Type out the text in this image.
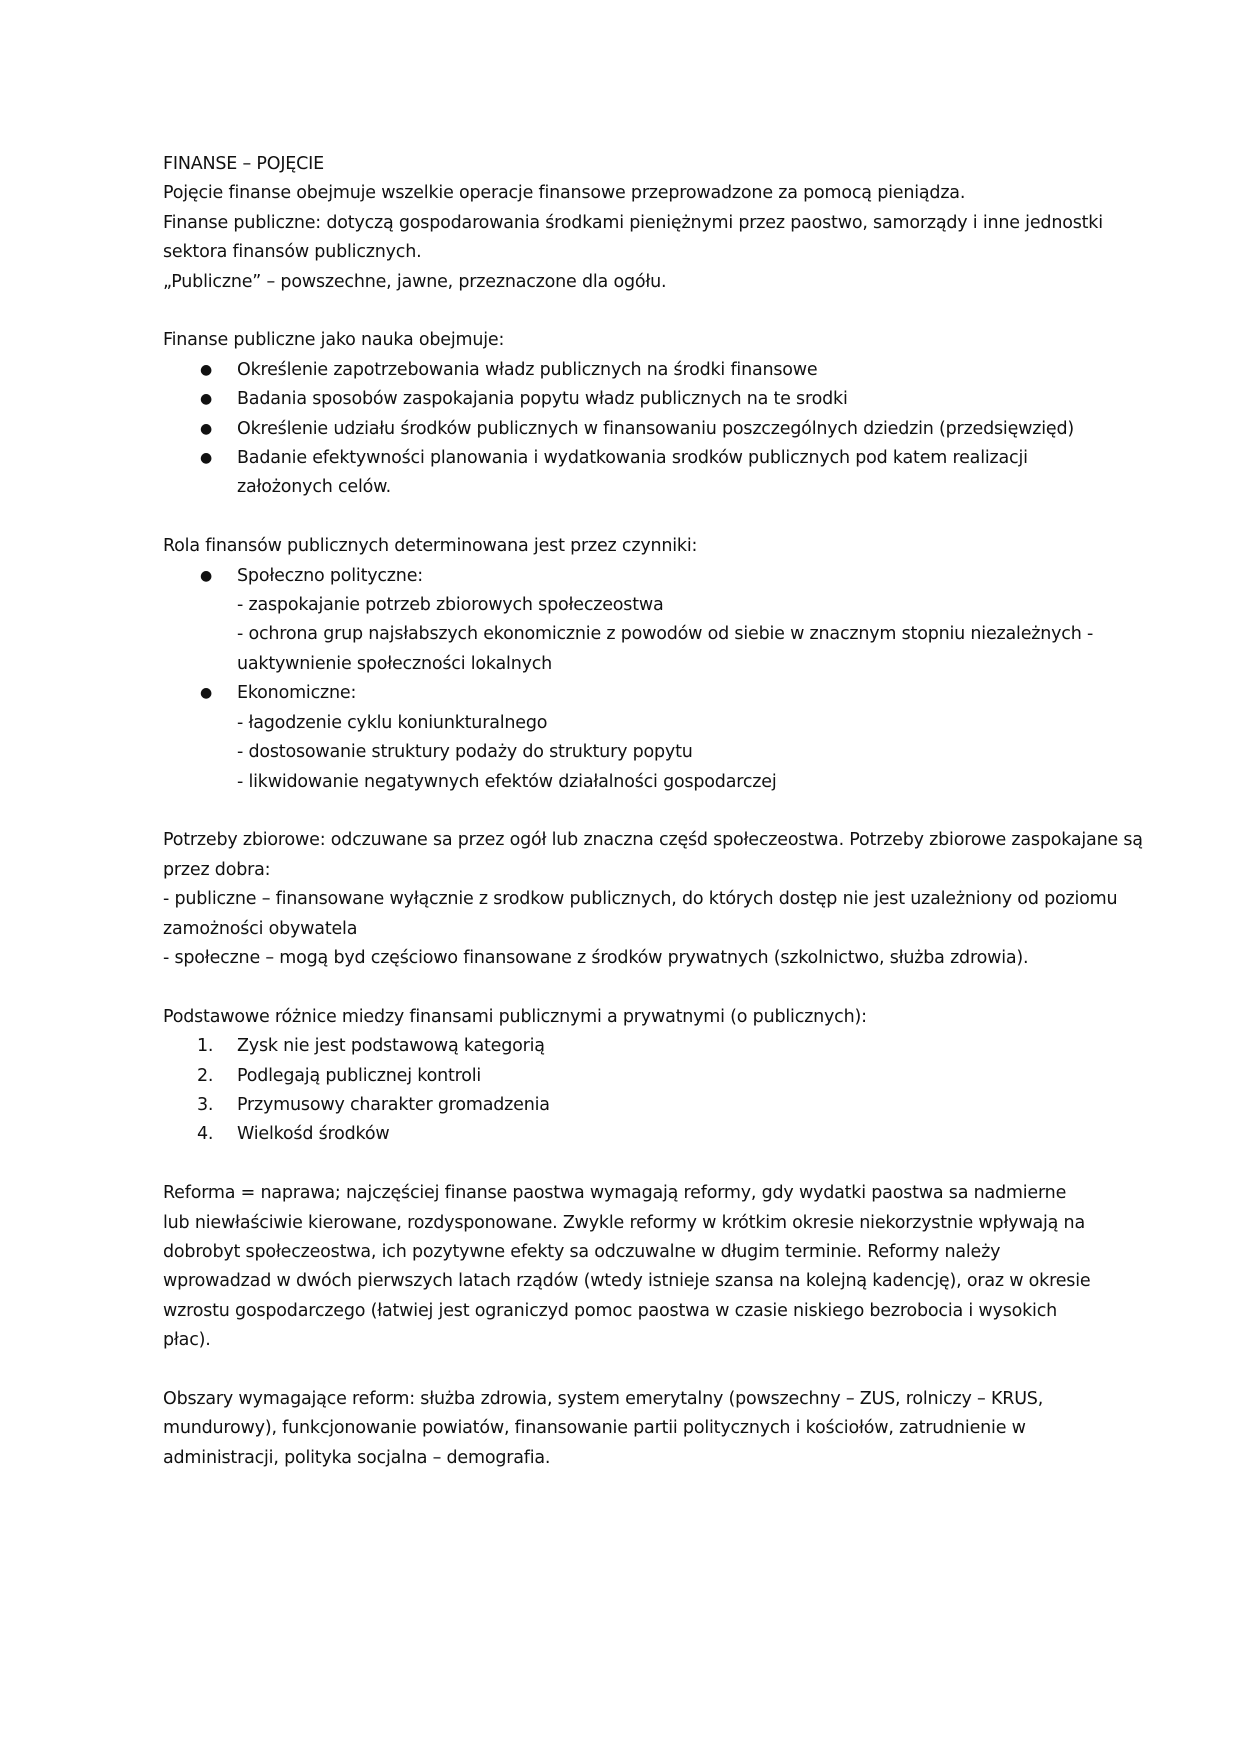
FINANSE – POJĘCIE
Pojęcie finanse obejmuje wszelkie operacje finansowe przeprowadzone za pomocą pieniądza.
Finanse publiczne: dotyczą gospodarowania środkami pieniężnymi przez paostwo, samorządy i inne jednostki
sektora finansów publicznych.
„Publiczne” – powszechne, jawne, przeznaczone dla ogółu.
Finanse publiczne jako nauka obejmuje:
● Określenie zapotrzebowania władz publicznych na środki finansowe
● Badania sposobów zaspokajania popytu władz publicznych na te srodki
● Określenie udziału środków publicznych w finansowaniu poszczególnych dziedzin (przedsięwzięd)
● Badanie efektywności planowania i wydatkowania srodków publicznych pod katem realizacji
założonych celów.
Rola finansów publicznych determinowana jest przez czynniki:
● Społeczno polityczne:
- zaspokajanie potrzeb zbiorowych społeczeostwa
- ochrona grup najsłabszych ekonomicznie z powodów od siebie w znacznym stopniu niezależnych -
uaktywnienie społeczności lokalnych
● Ekonomiczne:
- łagodzenie cyklu koniunkturalnego
- dostosowanie struktury podaży do struktury popytu
- likwidowanie negatywnych efektów działalności gospodarczej
Potrzeby zbiorowe: odczuwane sa przez ogół lub znaczna częśd społeczeostwa. Potrzeby zbiorowe zaspokajane są
przez dobra:
- publiczne – finansowane wyłącznie z srodkow publicznych, do których dostęp nie jest uzależniony od poziomu
zamożności obywatela
- społeczne – mogą byd częściowo finansowane z środków prywatnych (szkolnictwo, służba zdrowia).
Podstawowe różnice miedzy finansami publicznymi a prywatnymi (o publicznych):
1.	Zysk nie jest podstawową kategorią
2.	Podlegają publicznej kontroli
3.	Przymusowy charakter gromadzenia
4.	Wielkośd środków
Reforma = naprawa; najczęściej finanse paostwa wymagają reformy, gdy wydatki paostwa sa nadmierne
lub niewłaściwie kierowane, rozdysponowane. Zwykle reformy w krótkim okresie niekorzystnie wpływają na
dobrobyt społeczeostwa, ich pozytywne efekty sa odczuwalne w długim terminie. Reformy należy
wprowadzad w dwóch pierwszych latach rządów (wtedy istnieje szansa na kolejną kadencję), oraz w okresie
wzrostu gospodarczego (łatwiej jest ograniczyd pomoc paostwa w czasie niskiego bezrobocia i wysokich
płac).
Obszary wymagające reform: służba zdrowia, system emerytalny (powszechny – ZUS, rolniczy – KRUS,
mundurowy), funkcjonowanie powiatów, finansowanie partii politycznych i kościołów, zatrudnienie w
administracji, polityka socjalna – demografia.
